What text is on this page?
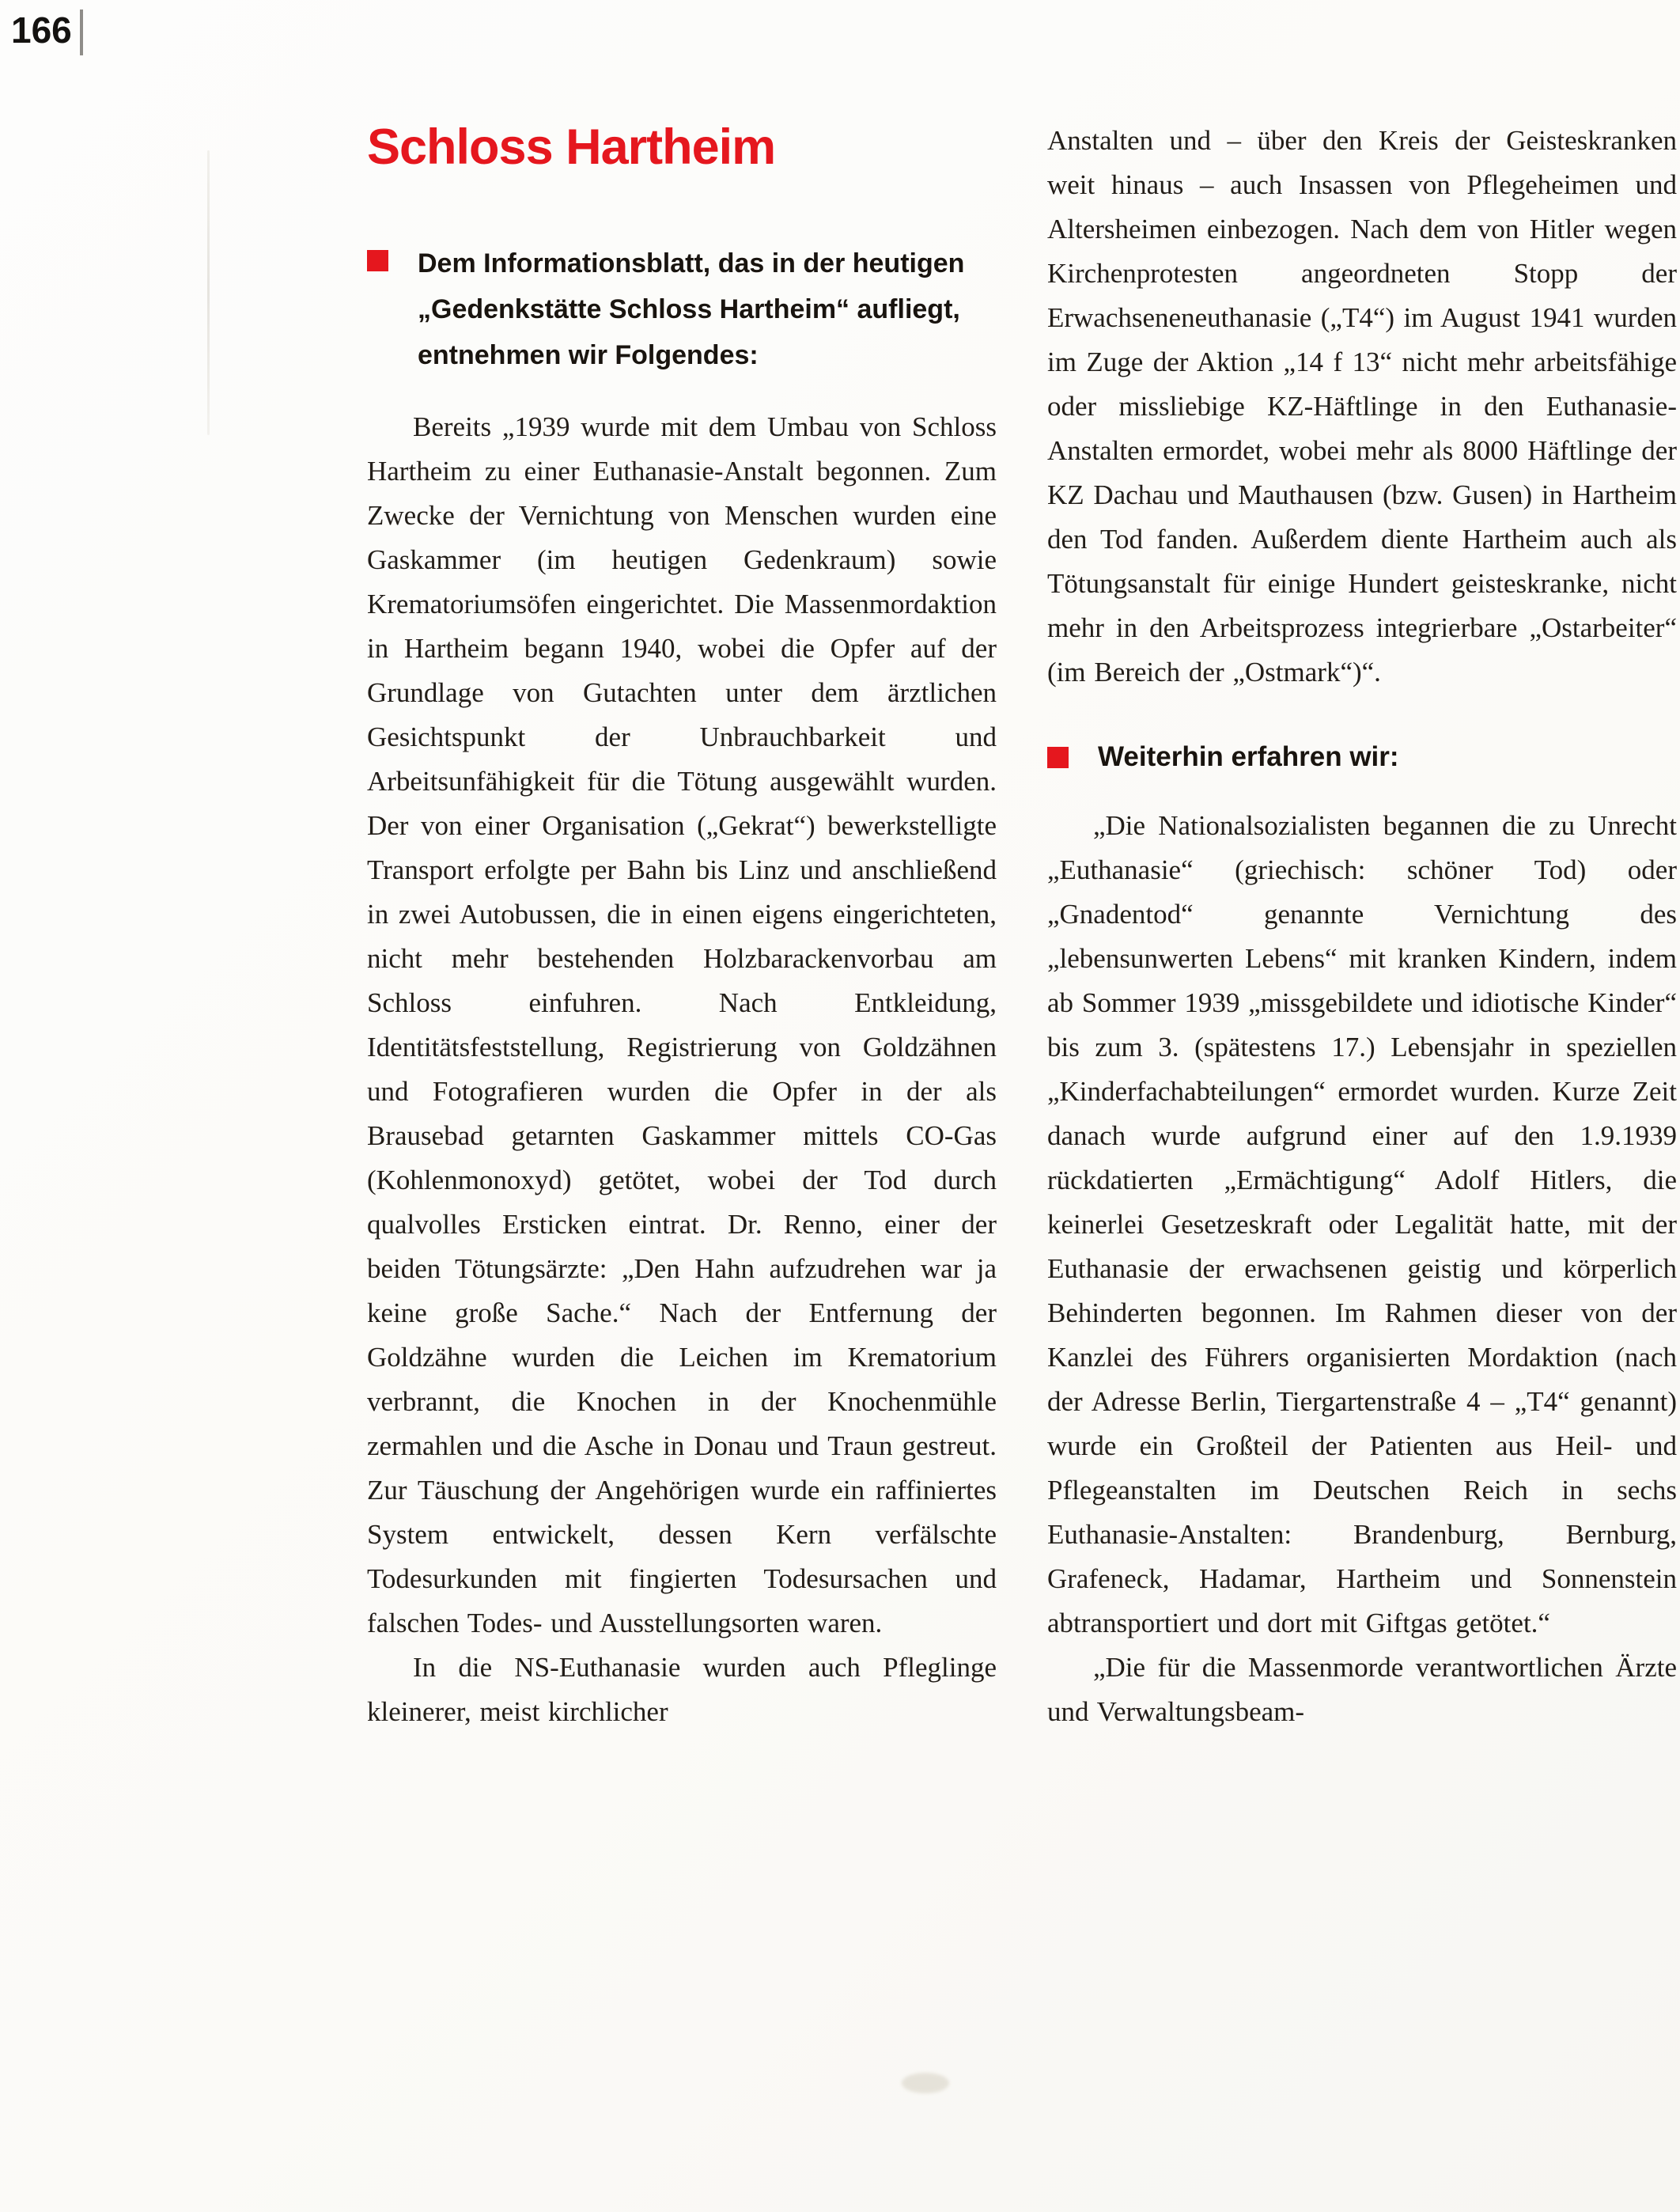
166
Schloss Hartheim
Dem Informationsblatt, das in der heutigen „Gedenkstätte Schloss Hartheim“ aufliegt, entnehmen wir Folgendes:

Bereits „1939 wurde mit dem Umbau von Schloss Hartheim zu einer Euthanasie-Anstalt begonnen. Zum Zwecke der Vernichtung von Menschen wurden eine Gaskammer (im heutigen Gedenkraum) sowie Krematoriumsöfen eingerichtet. Die Massenmordaktion in Hartheim begann 1940, wobei die Opfer auf der Grundlage von Gutachten unter dem ärztlichen Gesichtspunkt der Unbrauchbarkeit und Arbeitsunfähigkeit für die Tötung ausgewählt wurden. Der von einer Organisation („Gekrat“) bewerkstelligte Transport erfolgte per Bahn bis Linz und anschließend in zwei Autobussen, die in einen eigens eingerichteten, nicht mehr bestehenden Holzbarackenvorbau am Schloss einfuhren. Nach Entkleidung, Identitätsfeststellung, Registrierung von Goldzähnen und Fotografieren wurden die Opfer in der als Brausebad getarnten Gaskammer mittels CO-Gas (Kohlenmonoxyd) getötet, wobei der Tod durch qualvolles Ersticken eintrat. Dr. Renno, einer der beiden Tötungsärzte: „Den Hahn aufzudrehen war ja keine große Sache.“ Nach der Entfernung der Goldzähne wurden die Leichen im Krematorium verbrannt, die Knochen in der Knochenmühle zermahlen und die Asche in Donau und Traun gestreut. Zur Täuschung der Angehörigen wurde ein raffiniertes System entwickelt, dessen Kern verfälschte Todesurkunden mit fingierten Todesursachen und falschen Todes- und Ausstellungsorten waren.

In die NS-Euthanasie wurden auch Pfleglinge kleinerer, meist kirchlicher

Anstalten und – über den Kreis der Geisteskranken weit hinaus – auch Insassen von Pflegeheimen und Altersheimen einbezogen. Nach dem von Hitler wegen Kirchenprotesten angeordneten Stopp der Erwachseneneuthanasie („T4“) im August 1941 wurden im Zuge der Aktion „14 f 13“ nicht mehr arbeitsfähige oder missliebige KZ-Häftlinge in den Euthanasie-Anstalten ermordet, wobei mehr als 8000 Häftlinge der KZ Dachau und Mauthausen (bzw. Gusen) in Hartheim den Tod fanden. Außerdem diente Hartheim auch als Tötungsanstalt für einige Hundert geisteskranke, nicht mehr in den Arbeitsprozess integrierbare „Ostarbeiter“ (im Bereich der „Ostmark“)“.

Weiterhin erfahren wir:

„Die Nationalsozialisten begannen die zu Unrecht „Euthanasie“ (griechisch: schöner Tod) oder „Gnadentod“ genannte Vernichtung des „lebensunwerten Lebens“ mit kranken Kindern, indem ab Sommer 1939 „missgebildete und idiotische Kinder“ bis zum 3. (spätestens 17.) Lebensjahr in speziellen „Kinderfachabteilungen“ ermordet wurden. Kurze Zeit danach wurde aufgrund einer auf den 1.9.1939 rückdatierten „Ermächtigung“ Adolf Hitlers, die keinerlei Gesetzeskraft oder Legalität hatte, mit der Euthanasie der erwachsenen geistig und körperlich Behinderten begonnen. Im Rahmen dieser von der Kanzlei des Führers organisierten Mordaktion (nach der Adresse Berlin, Tiergartenstraße 4 – „T4“ genannt) wurde ein Großteil der Patienten aus Heil- und Pflegeanstalten im Deutschen Reich in sechs Euthanasie-Anstalten: Brandenburg, Bernburg, Grafeneck, Hadamar, Hartheim und Sonnenstein abtransportiert und dort mit Giftgas getötet.“

„Die für die Massenmorde verantwortlichen Ärzte und Verwaltungsbeam-
